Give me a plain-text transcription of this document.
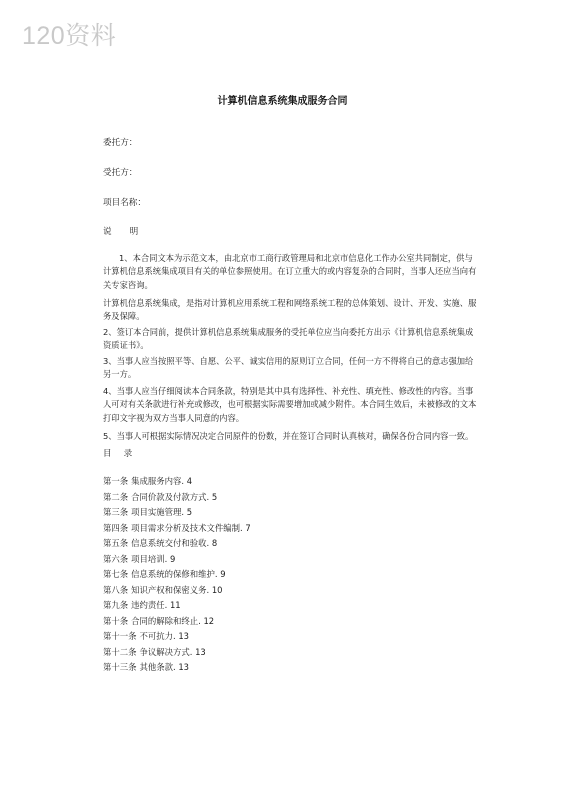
120资料
计算机信息系统集成服务合同
委托方：
受托方：
项目名称：
说 明

1、本合同文本为示范文本，由北京市工商行政管理局和北京市信息化工作办公室共同制定，供与计算机信息系统集成项目有关的单位参照使用。在订立重大的或内容复杂的合同时，当事人还应当向有关专家咨询。

计算机信息系统集成，是指对计算机应用系统工程和网络系统工程的总体策划、设计、开发、实施、服务及保障。

2、签订本合同前，提供计算机信息系统集成服务的受托单位应当向委托方出示《计算机信息系统集成资质证书》。

3、当事人应当按照平等、自愿、公平、诚实信用的原则订立合同，任何一方不得将自己的意志强加给另一方。

4、当事人应当仔细阅读本合同条款，特别是其中具有选择性、补充性、填充性、修改性的内容。当事人可对有关条款进行补充或修改，也可根据实际需要增加或减少附件。本合同生效后，未被修改的文本打印文字视为双方当事人同意的内容。

5、当事人可根据实际情况决定合同原件的份数，并在签订合同时认真核对，确保各份合同内容一致。

目 录
第一条 集成服务内容. 4
第二条 合同价款及付款方式. 5
第三条 项目实施管理. 5
第四条 项目需求分析及技术文件编制. 7
第五条 信息系统交付和验收. 8
第六条 项目培训. 9
第七条 信息系统的保修和维护. 9
第八条 知识产权和保密义务. 10
第九条 违约责任. 11
第十条 合同的解除和终止. 12
第十一条 不可抗力. 13
第十二条 争议解决方式. 13
第十三条 其他条款. 13
